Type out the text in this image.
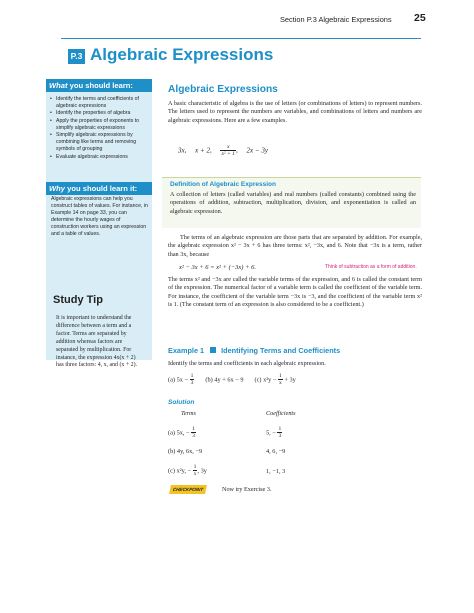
Section P.3 Algebraic Expressions 25
P.3 Algebraic Expressions
What you should learn:
Why you should learn it:
• Identify the terms and coefficients of algebraic expressions
• Identify the properties of algebra
• Apply the properties of exponents to simplify algebraic expressions
• Simplify algebraic expressions by combining like terms and removing symbols of grouping
• Evaluate algebraic expressions
Algebraic expressions can help you construct tables of values. For instance, in Example 14 on page 33, you can determine the hourly wages of construction workers using an expression and a table of values.
Study Tip
It is important to understand the difference between a term and a factor. Terms are separated by addition whereas factors are separated by multiplication. For instance, the expression 4x(x + 2) has three factors: 4, x, and (x + 2).
Algebraic Expressions
A basic characteristic of algebra is the use of letters (or combinations of letters) to represent numbers. The letters used to represent the numbers are variables, and combinations of letters and numbers are algebraic expressions. Here are a few examples.
3x, x + 2, $\frac{x}{\text{x² + 1}}$ , 2x − 3y
Definition of Algebraic Expression
A collection of letters (called variables) and real numbers (called constants) combined using the operations of addition, subtraction, multiplication, division, and exponentiation is called an algebraic expression.
The terms of an algebraic expression are those parts that are separated by addition. For example, the algebraic expression x² − 3x + 6 has three terms: x², −3x, and 6. Note that −3x is a term, rather than 3x, because
x² − 3x + 6 = x² + (−3x) + 6.	Think of subtraction as a form of addition.
The terms x² and −3x are called the variable terms of the expression, and 6 is called the constant term of the expression. The numerical factor of a variable term is called the coefficient of the variable term. For instance, the coefficient of the variable term −3x is −3, and the coefficient of the variable term x² is 1. (The constant term of an expression is also considered to be a coefficient.)
Example 1 Identifying Terms and Coefficients
Identify the terms and coefficients in each algebraic expression.
(a) $5x - \frac{1}{3} (b) 4y + 6x - 9$ (c) $x^2y - \frac{1}{x} + 3y$
Solution
Terms	Coefficients
(a) 5x, − $\frac{1}{3}$	5, − $\frac{1}{3}$
(b) 4y, 6x, −9	4, 6, −9
(c) x²y, − $\frac{1}{x}$ , 3y	1, −1, 3
CHECKPOINT	Now try Exercise 3.
